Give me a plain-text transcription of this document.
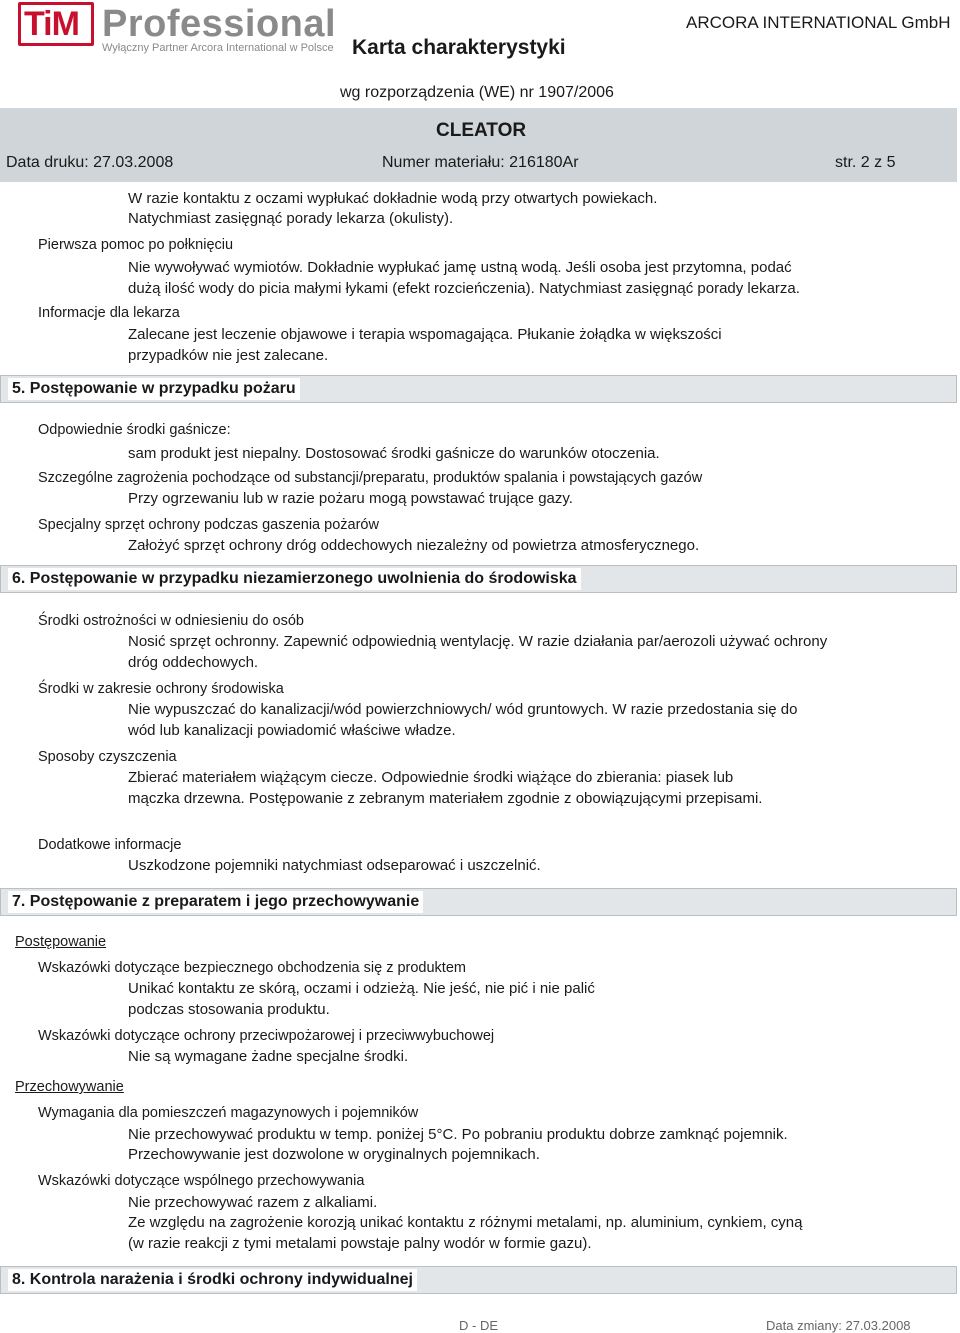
TiM Professional
Wyłączny Partner Arcora International w Polsce Karta charakterystyki
ARCORA INTERNATIONAL GmbH
wg rozporządzenia (WE) nr 1907/2006
CLEATOR
Data druku: 27.03.2008	Numer materiału: 216180Ar	str. 2 z 5
W razie kontaktu z oczami wypłukać dokładnie wodą przy otwartych powiekach.
Natychmiast zasięgnąć porady lekarza (okulisty).
Pierwsza pomoc po połknięciu
Nie wywoływać wymiotów. Dokładnie wypłukać jamę ustną wodą. Jeśli osoba jest przytomna, podać dużą ilość wody do picia małymi łykami (efekt rozcieńczenia). Natychmiast zasięgnąć porady lekarza.
Informacje dla lekarza
Zalecane jest leczenie objawowe i terapia wspomagająca. Płukanie żołądka w większości przypadków nie jest zalecane.
5. Postępowanie w przypadku pożaru
Odpowiednie środki gaśnicze:
sam produkt jest niepalny. Dostosować środki gaśnicze do warunków otoczenia.
Szczególne zagrożenia pochodzące od substancji/preparatu, produktów spalania i powstających gazów
Przy ogrzewaniu lub w razie pożaru mogą powstawać trujące gazy.
Specjalny sprzęt ochrony podczas gaszenia pożarów
Założyć sprzęt ochrony dróg oddechowych niezależny od powietrza atmosferycznego.
6. Postępowanie w przypadku niezamierzonego uwolnienia do środowiska
Środki ostrożności w odniesieniu do osób
Nosić sprzęt ochronny. Zapewnić odpowiednią wentylację. W razie działania par/aerozoli używać ochrony dróg oddechowych.
Środki w zakresie ochrony środowiska
Nie wypuszczać do kanalizacji/wód powierzchniowych/ wód gruntowych. W razie przedostania się do wód lub kanalizacji powiadomić właściwe władze.
Sposoby czyszczenia
Zbierać materiałem wiążącym ciecze. Odpowiednie środki wiążące do zbierania: piasek lub mączka drzewna. Postępowanie z zebranym materiałem zgodnie z obowiązującymi przepisami.
Dodatkowe informacje
Uszkodzone pojemniki natychmiast odseparować i uszczelnić.
7. Postępowanie z preparatem i jego przechowywanie
Postępowanie
Wskazówki dotyczące bezpiecznego obchodzenia się z produktem
Unikać kontaktu ze skórą, oczami i odzieżą. Nie jeść, nie pić i nie palić podczas stosowania produktu.
Wskazówki dotyczące ochrony przeciwpożarowej i przeciwwybuchowej
Nie są wymagane żadne specjalne środki.
Przechowywanie
Wymagania dla pomieszczeń magazynowych i pojemników
Nie przechowywać produktu w temp. poniżej 5°C. Po pobraniu produktu dobrze zamknąć pojemnik.
Przechowywanie jest dozwolone w oryginalnych pojemnikach.
Wskazówki dotyczące wspólnego przechowywania
Nie przechowywać razem z alkaliami.
Ze względu na zagrożenie korozją unikać kontaktu z różnymi metalami, np. aluminium, cynkiem, cyną (w razie reakcji z tymi metalami powstaje palny wodór w formie gazu).
8. Kontrola narażenia i środki ochrony indywidualnej
D - DE	Data zmiany: 27.03.2008
